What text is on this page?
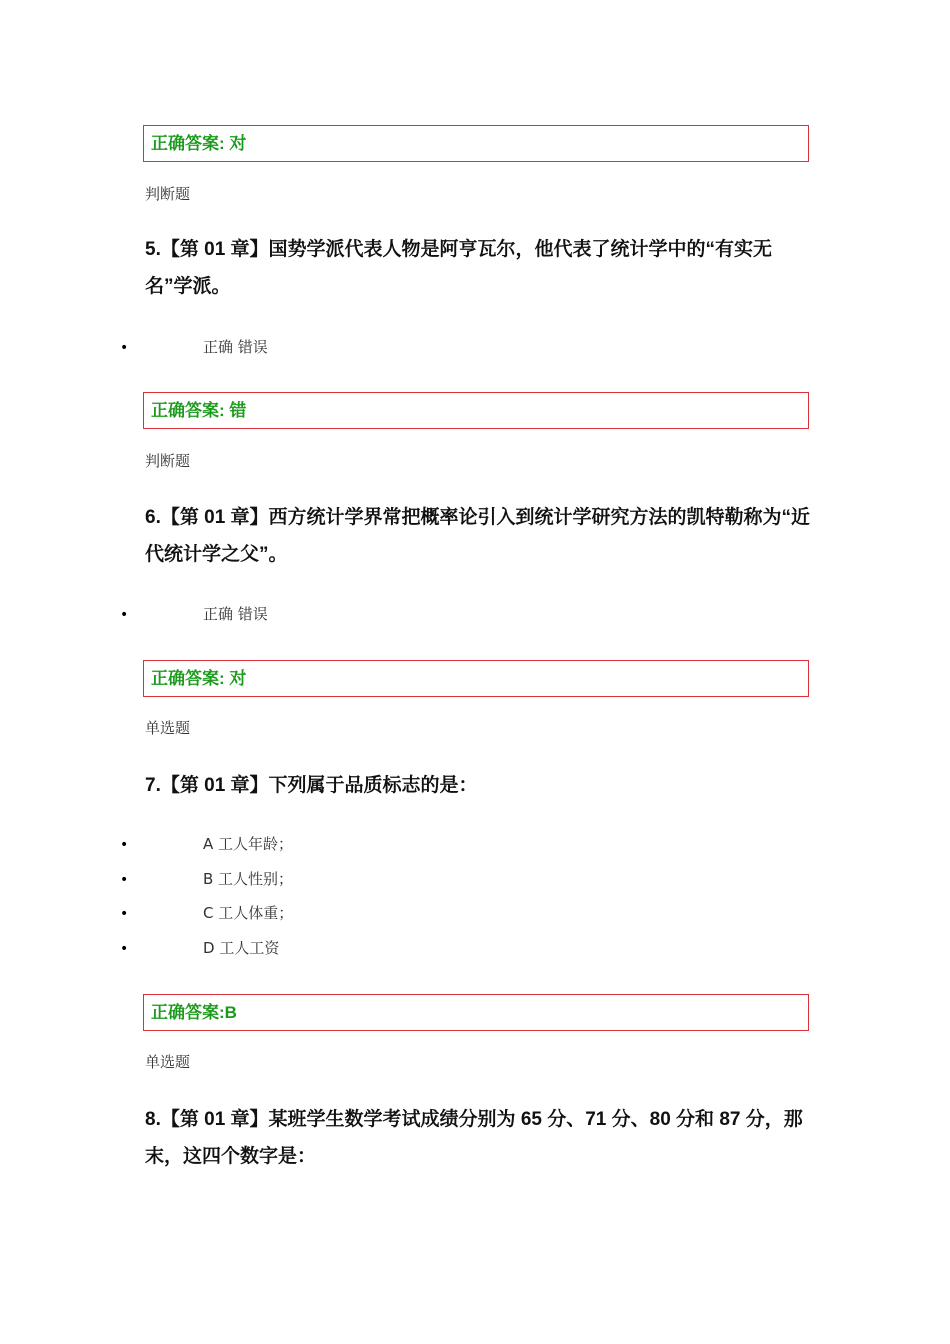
正确答案: 对
判断题
5.【第 01 章】国势学派代表人物是阿亨瓦尔，他代表了统计学中的“有实无名”学派。
•	正确 错误
正确答案: 错
判断题
6.【第 01 章】西方统计学界常把概率论引入到统计学研究方法的凯特勒称为“近代统计学之父”。
•	正确 错误
正确答案: 对
单选题
7.【第 01 章】下列属于品质标志的是：
•	A 工人年龄；
•	B 工人性别；
•	C 工人体重；
•	D 工人工资
正确答案:B
单选题
8.【第 01 章】某班学生数学考试成绩分别为 65 分、71 分、80 分和 87 分，那末，这四个数字是：
